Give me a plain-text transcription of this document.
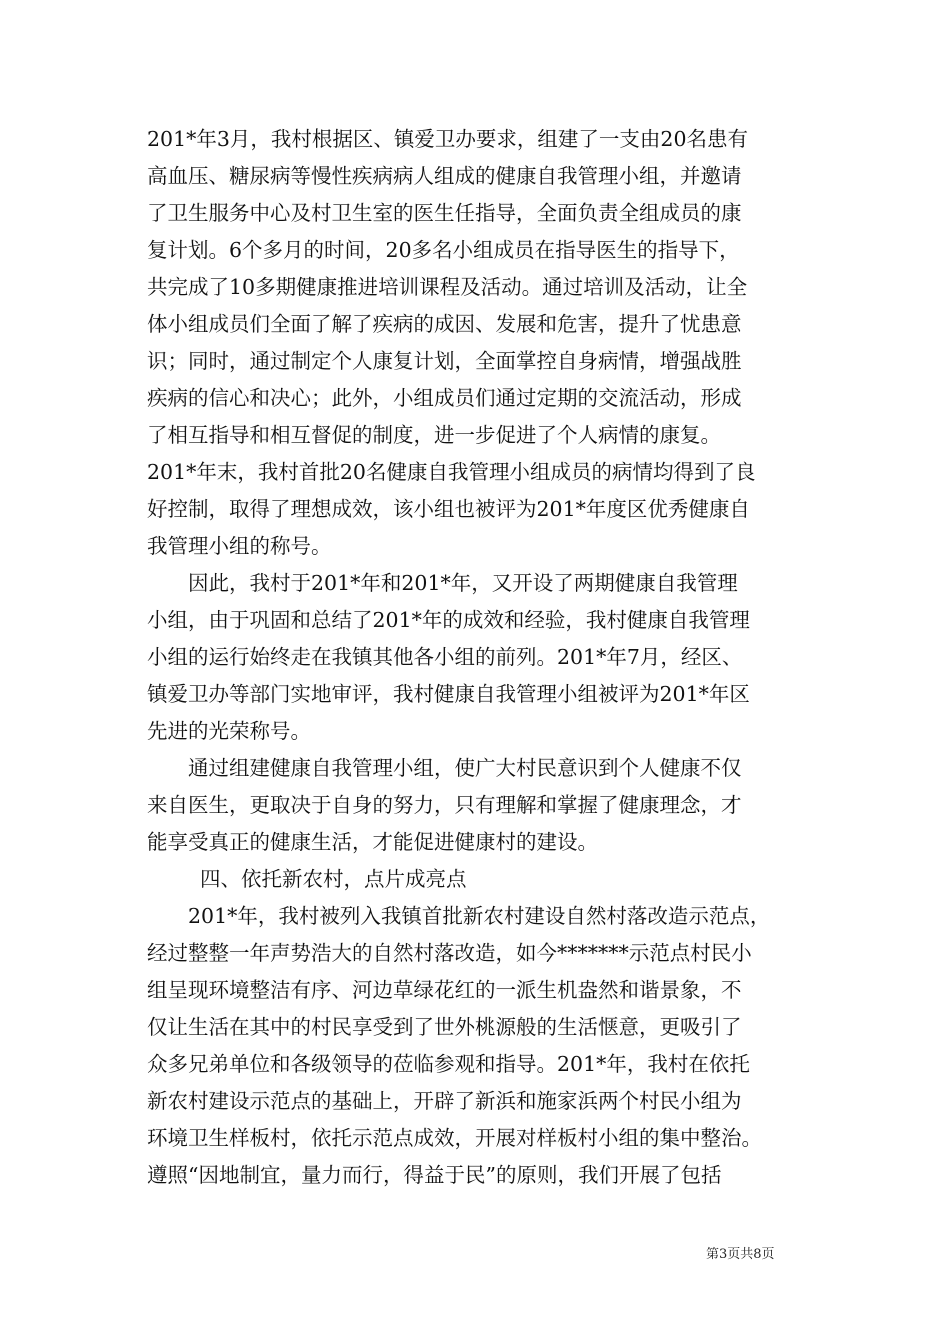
201*年3月，我村根据区、镇爱卫办要求，组建了一支由20名患有
高血压、糖尿病等慢性疾病病人组成的健康自我管理小组，并邀请
了卫生服务中心及村卫生室的医生任指导，全面负责全组成员的康
复计划。6个多月的时间，20多名小组成员在指导医生的指导下，
共完成了10多期健康推进培训课程及活动。通过培训及活动，让全
体小组成员们全面了解了疾病的成因、发展和危害，提升了忧患意
识；同时，通过制定个人康复计划，全面掌控自身病情，增强战胜
疾病的信心和决心；此外，小组成员们通过定期的交流活动，形成
了相互指导和相互督促的制度，进一步促进了个人病情的康复。
201*年末，我村首批20名健康自我管理小组成员的病情均得到了良
好控制，取得了理想成效，该小组也被评为201*年度区优秀健康自
我管理小组的称号。
因此，我村于201*年和201*年，又开设了两期健康自我管理
小组，由于巩固和总结了201*年的成效和经验，我村健康自我管理
小组的运行始终走在我镇其他各小组的前列。201*年7月，经区、
镇爱卫办等部门实地审评，我村健康自我管理小组被评为201*年区
先进的光荣称号。
通过组建健康自我管理小组，使广大村民意识到个人健康不仅
来自医生，更取决于自身的努力，只有理解和掌握了健康理念，才
能享受真正的健康生活，才能促进健康村的建设。
四、依托新农村，点片成亮点
201*年，我村被列入我镇首批新农村建设自然村落改造示范点，
经过整整一年声势浩大的自然村落改造，如今*******示范点村民小
组呈现环境整洁有序、河边草绿花红的一派生机盎然和谐景象，不
仅让生活在其中的村民享受到了世外桃源般的生活惬意，更吸引了
众多兄弟单位和各级领导的莅临参观和指导。201*年，我村在依托
新农村建设示范点的基础上，开辟了新浜和施家浜两个村民小组为
环境卫生样板村，依托示范点成效，开展对样板村小组的集中整治。
遵照“因地制宜，量力而行，得益于民”的原则，我们开展了包括
第3页共8页
